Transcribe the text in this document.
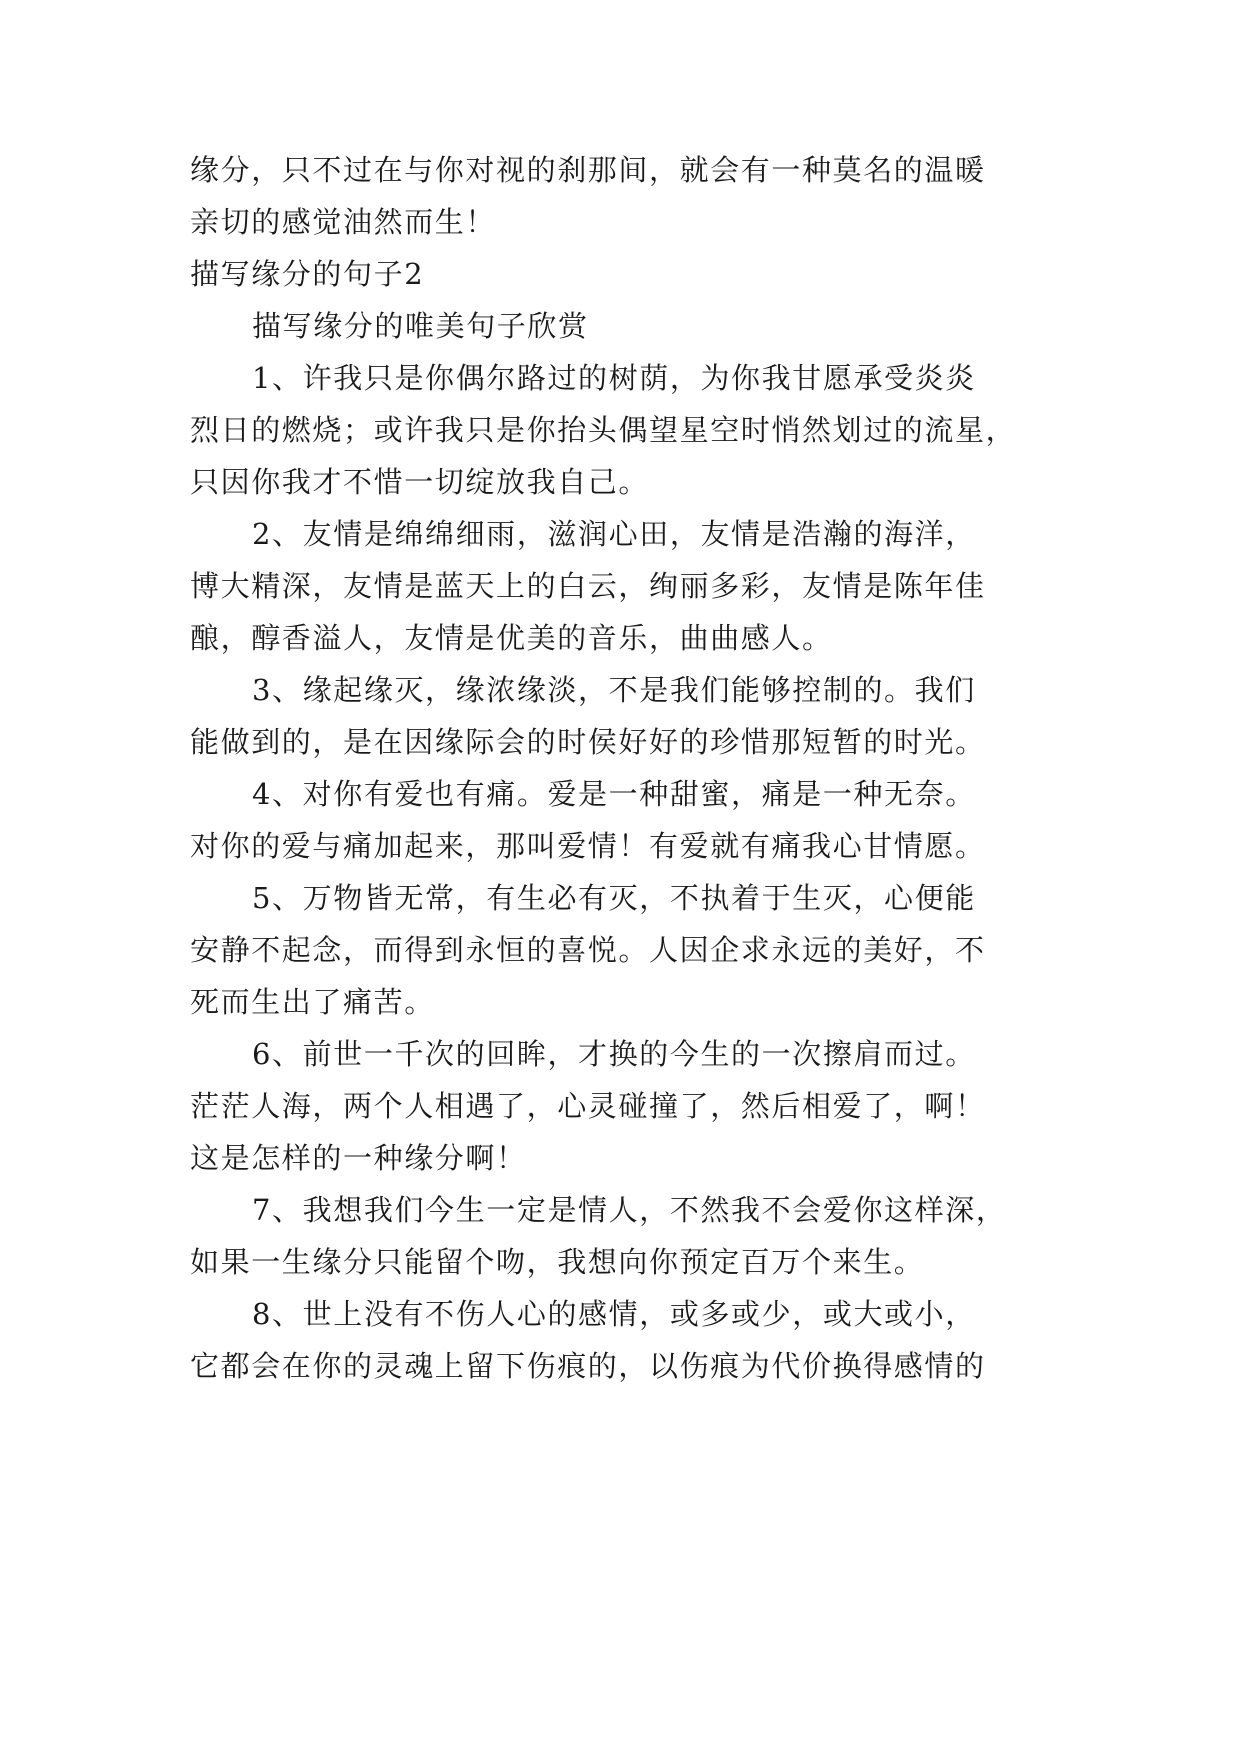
缘分，只不过在与你对视的刹那间，就会有一种莫名的温暖
亲切的感觉油然而生！
描写缘分的句子2
描写缘分的唯美句子欣赏
1、许我只是你偶尔路过的树荫，为你我甘愿承受炎炎
烈日的燃烧；或许我只是你抬头偶望星空时悄然划过的流星，
只因你我才不惜一切绽放我自己。
2、友情是绵绵细雨，滋润心田，友情是浩瀚的海洋，
博大精深，友情是蓝天上的白云，绚丽多彩，友情是陈年佳
酿，醇香溢人，友情是优美的音乐，曲曲感人。
3、缘起缘灭，缘浓缘淡，不是我们能够控制的。我们
能做到的，是在因缘际会的时侯好好的珍惜那短暂的时光。
4、对你有爱也有痛。爱是一种甜蜜，痛是一种无奈。
对你的爱与痛加起来，那叫爱情！有爱就有痛我心甘情愿。
5、万物皆无常，有生必有灭，不执着于生灭，心便能
安静不起念，而得到永恒的喜悦。人因企求永远的美好，不
死而生出了痛苦。
6、前世一千次的回眸，才换的今生的一次擦肩而过。
茫茫人海，两个人相遇了，心灵碰撞了，然后相爱了，啊！
这是怎样的一种缘分啊！
7、我想我们今生一定是情人，不然我不会爱你这样深，
如果一生缘分只能留个吻，我想向你预定百万个来生。
8、世上没有不伤人心的感情，或多或少，或大或小，
它都会在你的灵魂上留下伤痕的，以伤痕为代价换得感情的
